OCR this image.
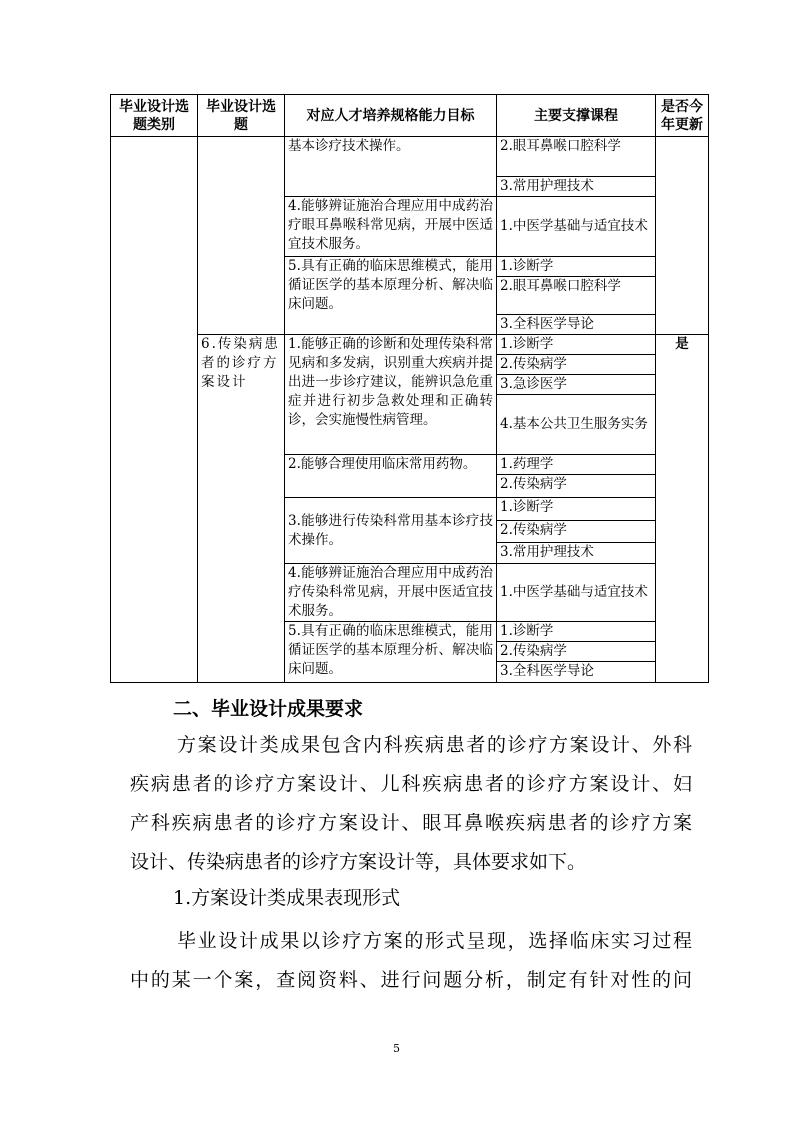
毕业设计选题类别	毕业设计选题	对应人才培养规格能力目标	主要支撑课程	是否今年更新
		基本诊疗技术操作。	2.眼耳鼻喉口腔科学	

			3.常用护理技术	
		4.能够辨证施治合理应用中成药治疗眼耳鼻喉科常见病，开展中医适宜技术服务。	1.中医学基础与适宜技术	
		5.具有正确的临床思维模式，能用循证医学的基本原理分析、解决临床问题。	1.诊断学	
			2.眼耳鼻喉口腔科学	

			3.全科医学导论	
	6.传染病患者的诊疗方案设计	1.能够正确的诊断和处理传染科常见病和多发病，识别重大疾病并提出进一步诊疗建议，能辨识急危重症并进行初步急救处理和正确转诊，会实施慢性病管理。	1.诊断学	是
			2.传染病学	
			3.急诊医学	
			4.基本公共卫生服务实务	

		2.能够合理使用临床常用药物。	1.药理学	
			2.传染病学	
		3.能够进行传染科常用基本诊疗技术操作。	1.诊断学	
			2.传染病学	
			3.常用护理技术	
		4.能够辨证施治合理应用中成药治疗传染科常见病，开展中医适宜技术服务。	1.中医学基础与适宜技术	
		5.具有正确的临床思维模式，能用循证医学的基本原理分析、解决临床问题。	1.诊断学	
			2.传染病学	
			3.全科医学导论	

二、毕业设计成果要求

方案设计类成果包含内科疾病患者的诊疗方案设计、外科
疾病患者的诊疗方案设计、儿科疾病患者的诊疗方案设计、妇
产科疾病患者的诊疗方案设计、眼耳鼻喉疾病患者的诊疗方案
设计、传染病患者的诊疗方案设计等，具体要求如下。

1.方案设计类成果表现形式

毕业设计成果以诊疗方案的形式呈现，选择临床实习过程
中的某一个案，查阅资料、进行问题分析，制定有针对性的问

5
